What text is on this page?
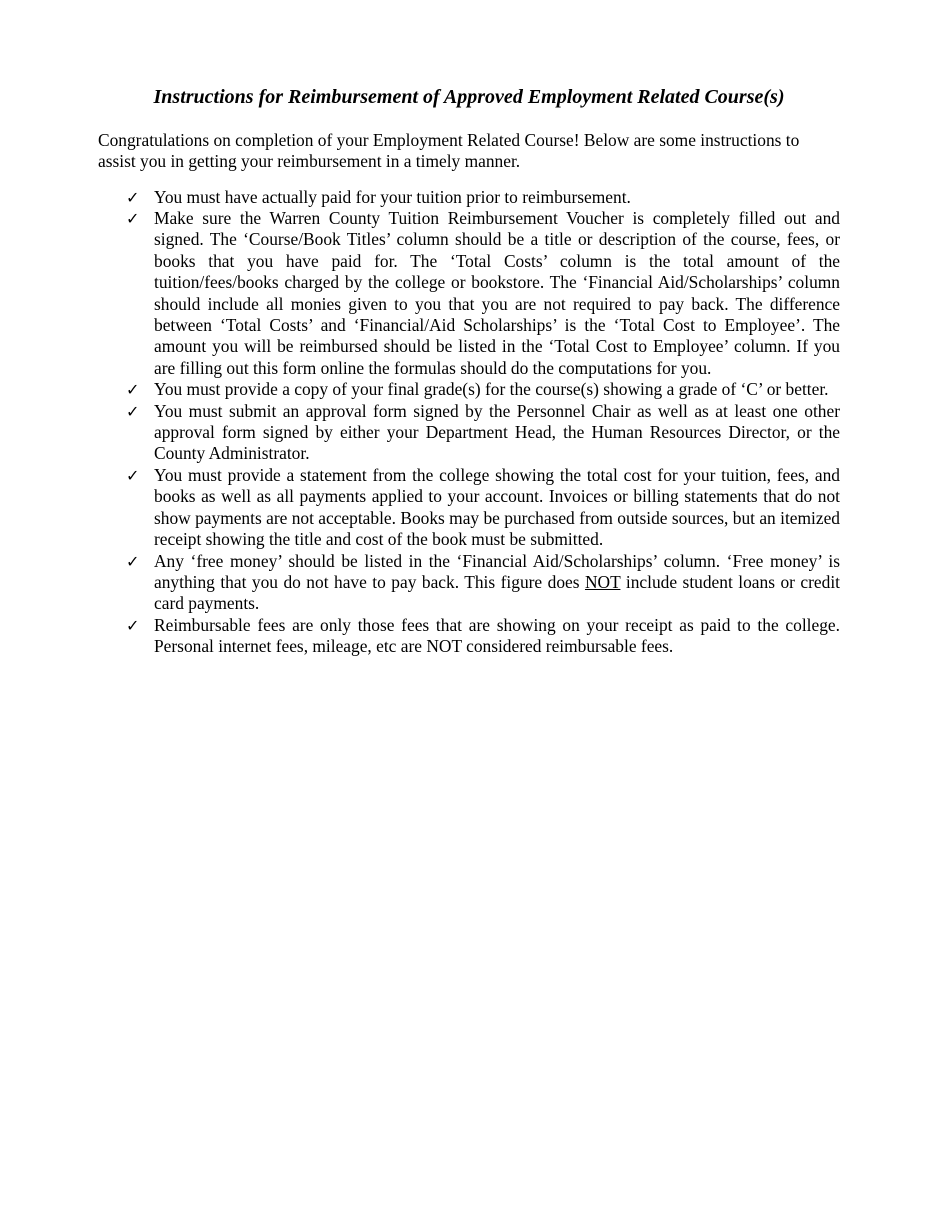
Instructions for Reimbursement of Approved Employment Related Course(s)

Congratulations on completion of your Employment Related Course! Below are some instructions to assist you in getting your reimbursement in a timely manner.

✓ You must have actually paid for your tuition prior to reimbursement.
✓ Make sure the Warren County Tuition Reimbursement Voucher is completely filled out and signed. The ‘Course/Book Titles’ column should be a title or description of the course, fees, or books that you have paid for. The ‘Total Costs’ column is the total amount of the tuition/fees/books charged by the college or bookstore. The ‘Financial Aid/Scholarships’ column should include all monies given to you that you are not required to pay back. The difference between ‘Total Costs’ and ‘Financial/Aid Scholarships’ is the ‘Total Cost to Employee’. The amount you will be reimbursed should be listed in the ‘Total Cost to Employee’ column. If you are filling out this form online the formulas should do the computations for you.
✓ You must provide a copy of your final grade(s) for the course(s) showing a grade of ‘C’ or better.
✓ You must submit an approval form signed by the Personnel Chair as well as at least one other approval form signed by either your Department Head, the Human Resources Director, or the County Administrator.
✓ You must provide a statement from the college showing the total cost for your tuition, fees, and books as well as all payments applied to your account. Invoices or billing statements that do not show payments are not acceptable. Books may be purchased from outside sources, but an itemized receipt showing the title and cost of the book must be submitted.
✓ Any ‘free money’ should be listed in the ‘Financial Aid/Scholarships’ column. ‘Free money’ is anything that you do not have to pay back. This figure does NOT include student loans or credit card payments.
✓ Reimbursable fees are only those fees that are showing on your receipt as paid to the college. Personal internet fees, mileage, etc are NOT considered reimbursable fees.
